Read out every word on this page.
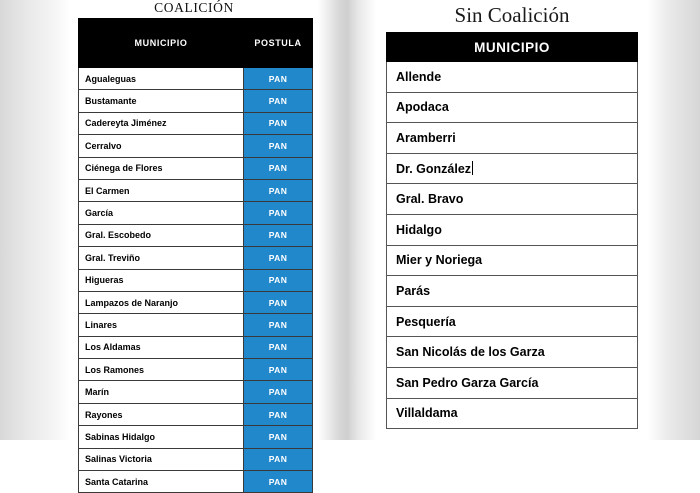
COALICIÓN
MUNICIPIO	POSTULA
Agualeguas	PAN
Bustamante	PAN
Cadereyta Jiménez	PAN
Cerralvo	PAN
Ciénega de Flores	PAN
El Carmen	PAN
García	PAN
Gral. Escobedo	PAN
Gral. Treviño	PAN
Higueras	PAN
Lampazos de Naranjo	PAN
Linares	PAN
Los Aldamas	PAN
Los Ramones	PAN
Marín	PAN
Rayones	PAN
Sabinas Hidalgo	PAN
Salinas Victoria	PAN
Santa Catarina	PAN
Sin Coalición
MUNICIPIO
Allende
Apodaca
Aramberri
Dr. González
Gral. Bravo
Hidalgo
Mier y Noriega
Parás
Pesquería
San Nicolás de los Garza
San Pedro Garza García
Villaldama
